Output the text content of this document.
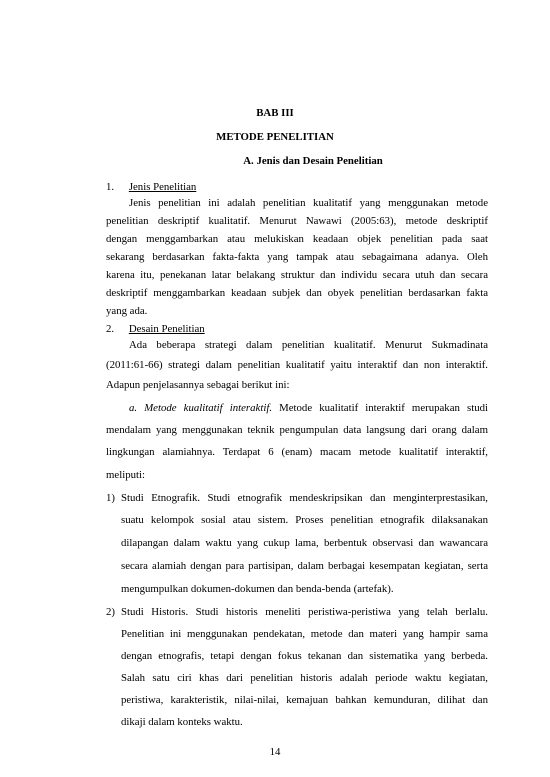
BAB III
METODE PENELITIAN
A. Jenis dan Desain Penelitian
1. Jenis Penelitian
Jenis penelitian ini adalah penelitian kualitatif yang menggunakan metode
penelitian deskriptif kualitatif. Menurut Nawawi (2005:63), metode deskriptif
dengan menggambarkan atau melukiskan keadaan objek penelitian pada saat
sekarang berdasarkan fakta-fakta yang tampak atau sebagaimana adanya. Oleh
karena itu, penekanan latar belakang struktur dan individu secara utuh dan secara
deskriptif menggambarkan keadaan subjek dan obyek penelitian berdasarkan fakta
yang ada.
2. Desain Penelitian
Ada beberapa strategi dalam penelitian kualitatif. Menurut Sukmadinata
(2011:61-66) strategi dalam penelitian kualitatif yaitu interaktif dan non interaktif.
Adapun penjelasannya sebagai berikut ini:
a. Metode kualitatif interaktif. Metode kualitatif interaktif merupakan studi
mendalam yang menggunakan teknik pengumpulan data langsung dari orang dalam
lingkungan alamiahnya. Terdapat 6 (enam) macam metode kualitatif interaktif,
meliputi:
1) Studi Etnografik. Studi etnografik mendeskripsikan dan menginterprestasikan,
suatu kelompok sosial atau sistem. Proses penelitian etnografik dilaksanakan
dilapangan dalam waktu yang cukup lama, berbentuk observasi dan wawancara
secara alamiah dengan para partisipan, dalam berbagai kesempatan kegiatan, serta
mengumpulkan dokumen-dokumen dan benda-benda (artefak).
2) Studi Historis. Studi historis meneliti peristiwa-peristiwa yang telah berlalu.
Penelitian ini menggunakan pendekatan, metode dan materi yang hampir sama
dengan etnografis, tetapi dengan fokus tekanan dan sistematika yang berbeda.
Salah satu ciri khas dari penelitian historis adalah periode waktu kegiatan,
peristiwa, karakteristik, nilai-nilai, kemajuan bahkan kemunduran, dilihat dan
dikaji dalam konteks waktu.
14
